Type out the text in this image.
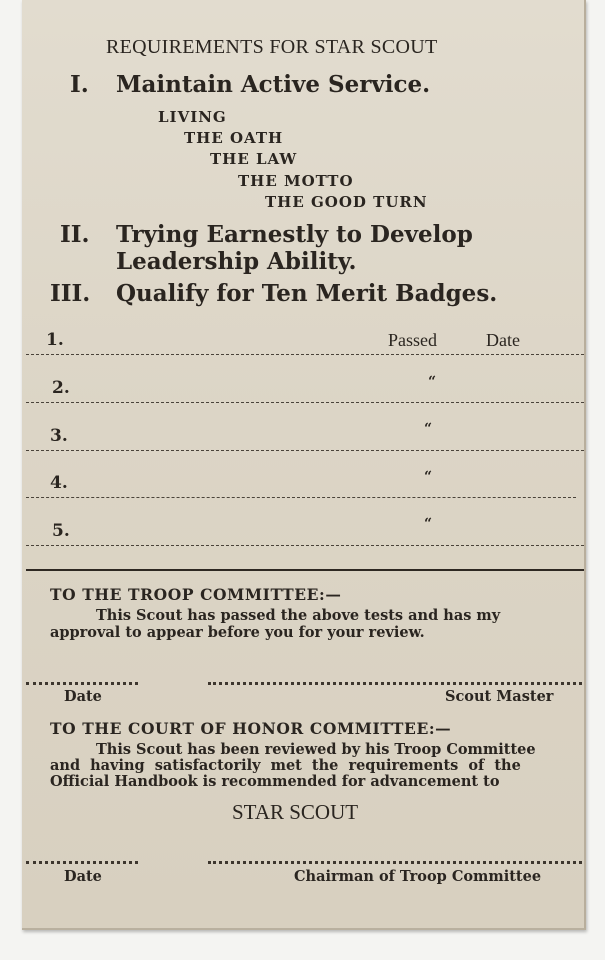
REQUIREMENTS FOR STAR SCOUT
I. Maintain Active Service.
LIVING
THE OATH
THE LAW
THE MOTTO
THE GOOD TURN
II. Trying Earnestly to Develop
Leadership Ability.
III. Qualify for Ten Merit Badges.
1.	Passed	Date
2.	“
3.	“
4.	“
5.	“
TO THE TROOP COMMITTEE:—
This Scout has passed the above tests and has my
approval to appear before you for your review.
Date	Scout Master
TO THE COURT OF HONOR COMMITTEE:—
This Scout has been reviewed by his Troop Committee
and having satisfactorily met the requirements of the
Official Handbook is recommended for advancement to
STAR SCOUT
Date	Chairman of Troop Committee
